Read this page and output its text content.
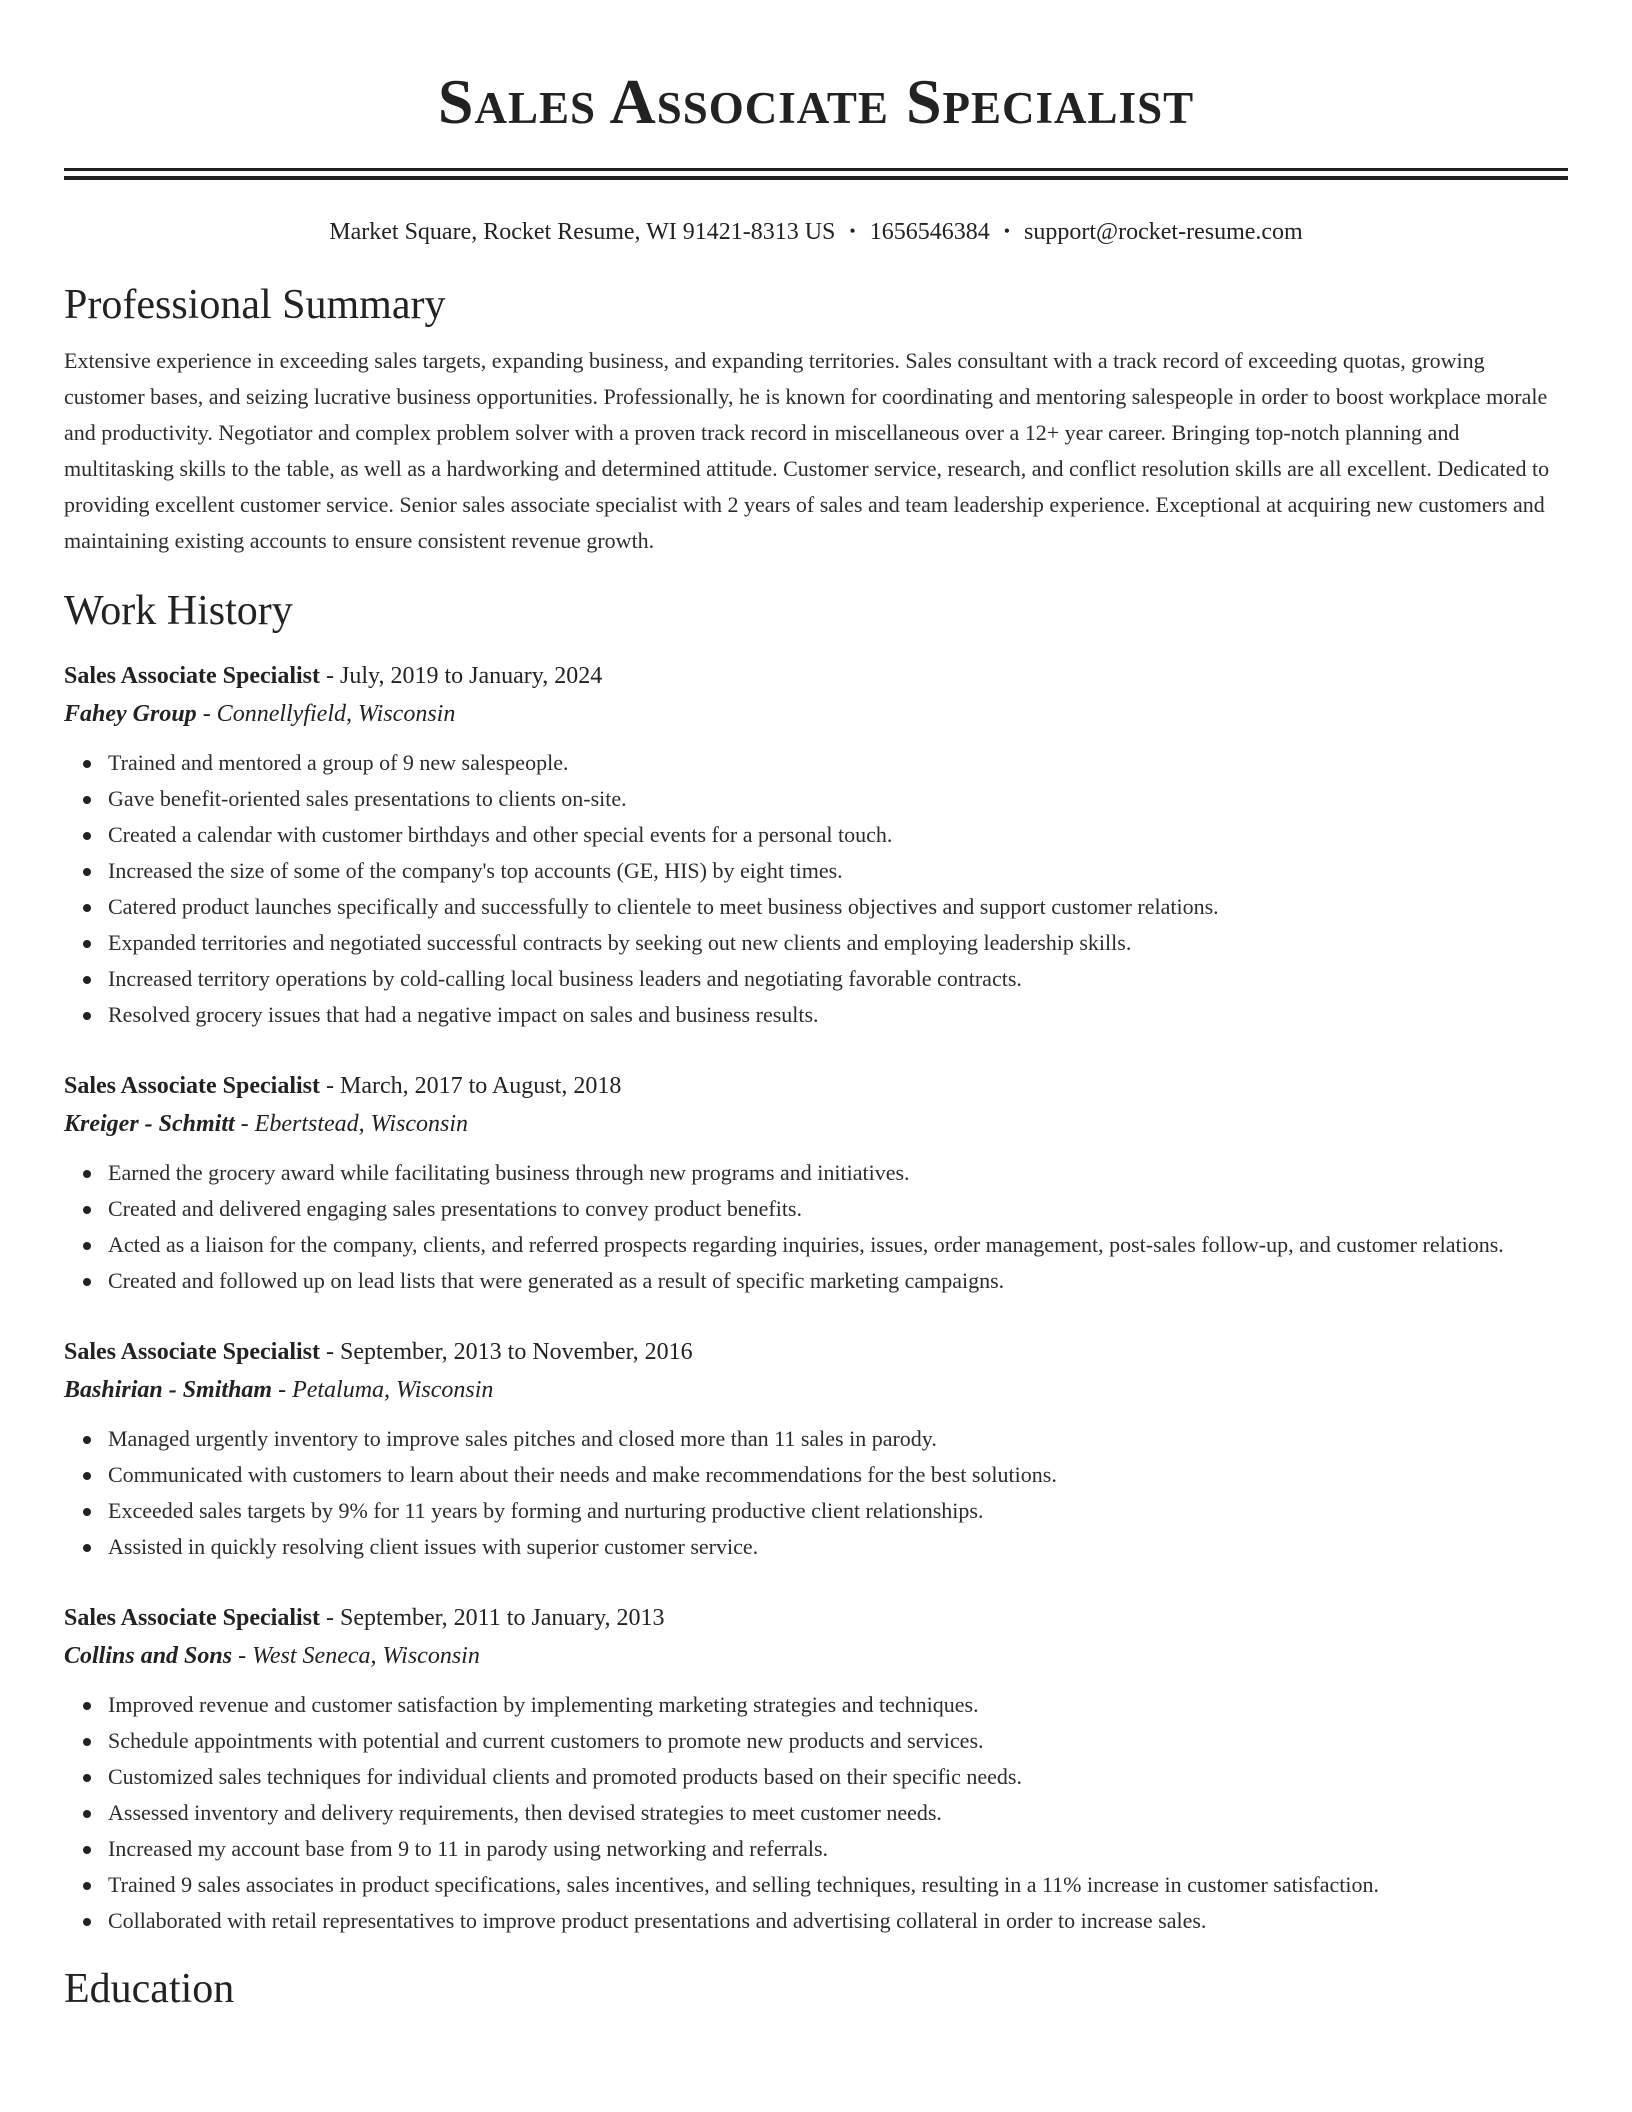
Sales Associate Specialist
Market Square, Rocket Resume, WI 91421-8313 US • 1656546384 • support@rocket-resume.com
Professional Summary
Extensive experience in exceeding sales targets, expanding business, and expanding territories. Sales consultant with a track record of exceeding quotas, growing customer bases, and seizing lucrative business opportunities. Professionally, he is known for coordinating and mentoring salespeople in order to boost workplace morale and productivity. Negotiator and complex problem solver with a proven track record in miscellaneous over a 12+ year career. Bringing top-notch planning and multitasking skills to the table, as well as a hardworking and determined attitude. Customer service, research, and conflict resolution skills are all excellent. Dedicated to providing excellent customer service. Senior sales associate specialist with 2 years of sales and team leadership experience. Exceptional at acquiring new customers and maintaining existing accounts to ensure consistent revenue growth.
Work History
Sales Associate Specialist - July, 2019 to January, 2024
Fahey Group - Connellyfield, Wisconsin
Trained and mentored a group of 9 new salespeople.
Gave benefit-oriented sales presentations to clients on-site.
Created a calendar with customer birthdays and other special events for a personal touch.
Increased the size of some of the company's top accounts (GE, HIS) by eight times.
Catered product launches specifically and successfully to clientele to meet business objectives and support customer relations.
Expanded territories and negotiated successful contracts by seeking out new clients and employing leadership skills.
Increased territory operations by cold-calling local business leaders and negotiating favorable contracts.
Resolved grocery issues that had a negative impact on sales and business results.
Sales Associate Specialist - March, 2017 to August, 2018
Kreiger - Schmitt - Ebertstead, Wisconsin
Earned the grocery award while facilitating business through new programs and initiatives.
Created and delivered engaging sales presentations to convey product benefits.
Acted as a liaison for the company, clients, and referred prospects regarding inquiries, issues, order management, post-sales follow-up, and customer relations.
Created and followed up on lead lists that were generated as a result of specific marketing campaigns.
Sales Associate Specialist - September, 2013 to November, 2016
Bashirian - Smitham - Petaluma, Wisconsin
Managed urgently inventory to improve sales pitches and closed more than 11 sales in parody.
Communicated with customers to learn about their needs and make recommendations for the best solutions.
Exceeded sales targets by 9% for 11 years by forming and nurturing productive client relationships.
Assisted in quickly resolving client issues with superior customer service.
Sales Associate Specialist - September, 2011 to January, 2013
Collins and Sons - West Seneca, Wisconsin
Improved revenue and customer satisfaction by implementing marketing strategies and techniques.
Schedule appointments with potential and current customers to promote new products and services.
Customized sales techniques for individual clients and promoted products based on their specific needs.
Assessed inventory and delivery requirements, then devised strategies to meet customer needs.
Increased my account base from 9 to 11 in parody using networking and referrals.
Trained 9 sales associates in product specifications, sales incentives, and selling techniques, resulting in a 11% increase in customer satisfaction.
Collaborated with retail representatives to improve product presentations and advertising collateral in order to increase sales.
Education
